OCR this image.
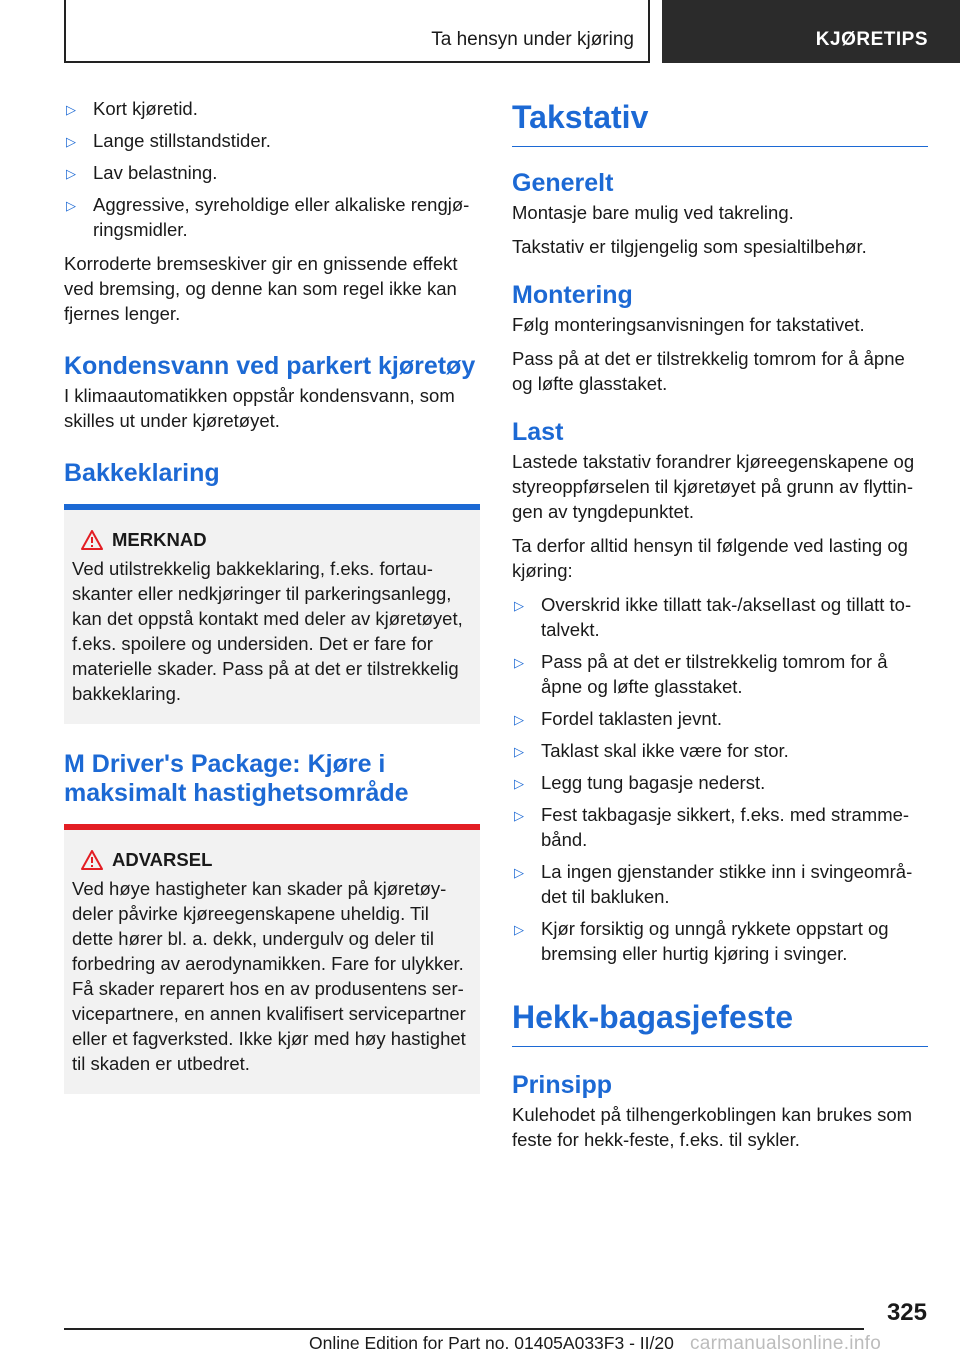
Ta hensyn under kjøring	KJØRETIPS
▷ Kort kjøretid.
▷ Lange stillstandstider.
▷ Lav belastning.
▷ Aggressive, syreholdige eller alkaliske rengjø-ringsmidler.

Korroderte bremseskiver gir en gnissende effekt ved bremsing, og denne kan som regel ikke kan fjernes lenger.

Kondensvann ved parkert kjøretøy

I klimaautomatikken oppstår kondensvann, som skilles ut under kjøretøyet.

Bakkeklaring
MERKNAD

Ved utilstrekkelig bakkeklaring, f.eks. fortau-skanter eller nedkjøringer til parkeringsanlegg, kan det oppstå kontakt med deler av kjøretøyet, f.eks. spoilere og undersiden. Det er fare for materielle skader. Pass på at det er tilstrekkelig bakkeklaring.

M Driver's Package: Kjøre i maksimalt hastighetsområde
ADVARSEL

Ved høye hastigheter kan skader på kjøretøy-deler påvirke kjøreegenskapene uheldig. Til dette hører bl. a. dekk, undergulv og deler til forbedring av aerodynamikken. Fare for ulykker. Få skader reparert hos en av produsentens ser-vicepartnere, en annen kvalifisert servicepartner eller et fagverksted. Ikke kjør med høy hastighet til skaden er utbedret.

Takstativ
Generelt

Montasje bare mulig ved takreling.

Takstativ er tilgjengelig som spesialtilbehør.

Montering

Følg monteringsanvisningen for takstativet.

Pass på at det er tilstrekkelig tomrom for å åpne og løfte glasstaket.

Last

Lastede takstativ forandrer kjøreegenskapene og styreoppførselen til kjøretøyet på grunn av flyttin-gen av tyngdepunktet.

Ta derfor alltid hensyn til følgende ved lasting og kjøring:

▷ Overskrid ikke tillatt tak-/akselIast og tillatt to-talvekt.
▷ Pass på at det er tilstrekkelig tomrom for å åpne og løfte glasstaket.
▷ Fordel taklasten jevnt.
▷ Taklast skal ikke være for stor.
▷ Legg tung bagasje nederst.
▷ Fest takbagasje sikkert, f.eks. med stramme-bånd.
▷ La ingen gjenstander stikke inn i svingeområ-det til bakluken.
▷ Kjør forsiktig og unngå rykkete oppstart og bremsing eller hurtig kjøring i svinger.
Hekk-bagasjefeste
Prinsipp

Kulehodet på tilhengerkoblingen kan brukes som feste for hekk-feste, f.eks. til sykler.

325
Online Edition for Part no. 01405A033F3 - II/20 carmanualsonline.info
